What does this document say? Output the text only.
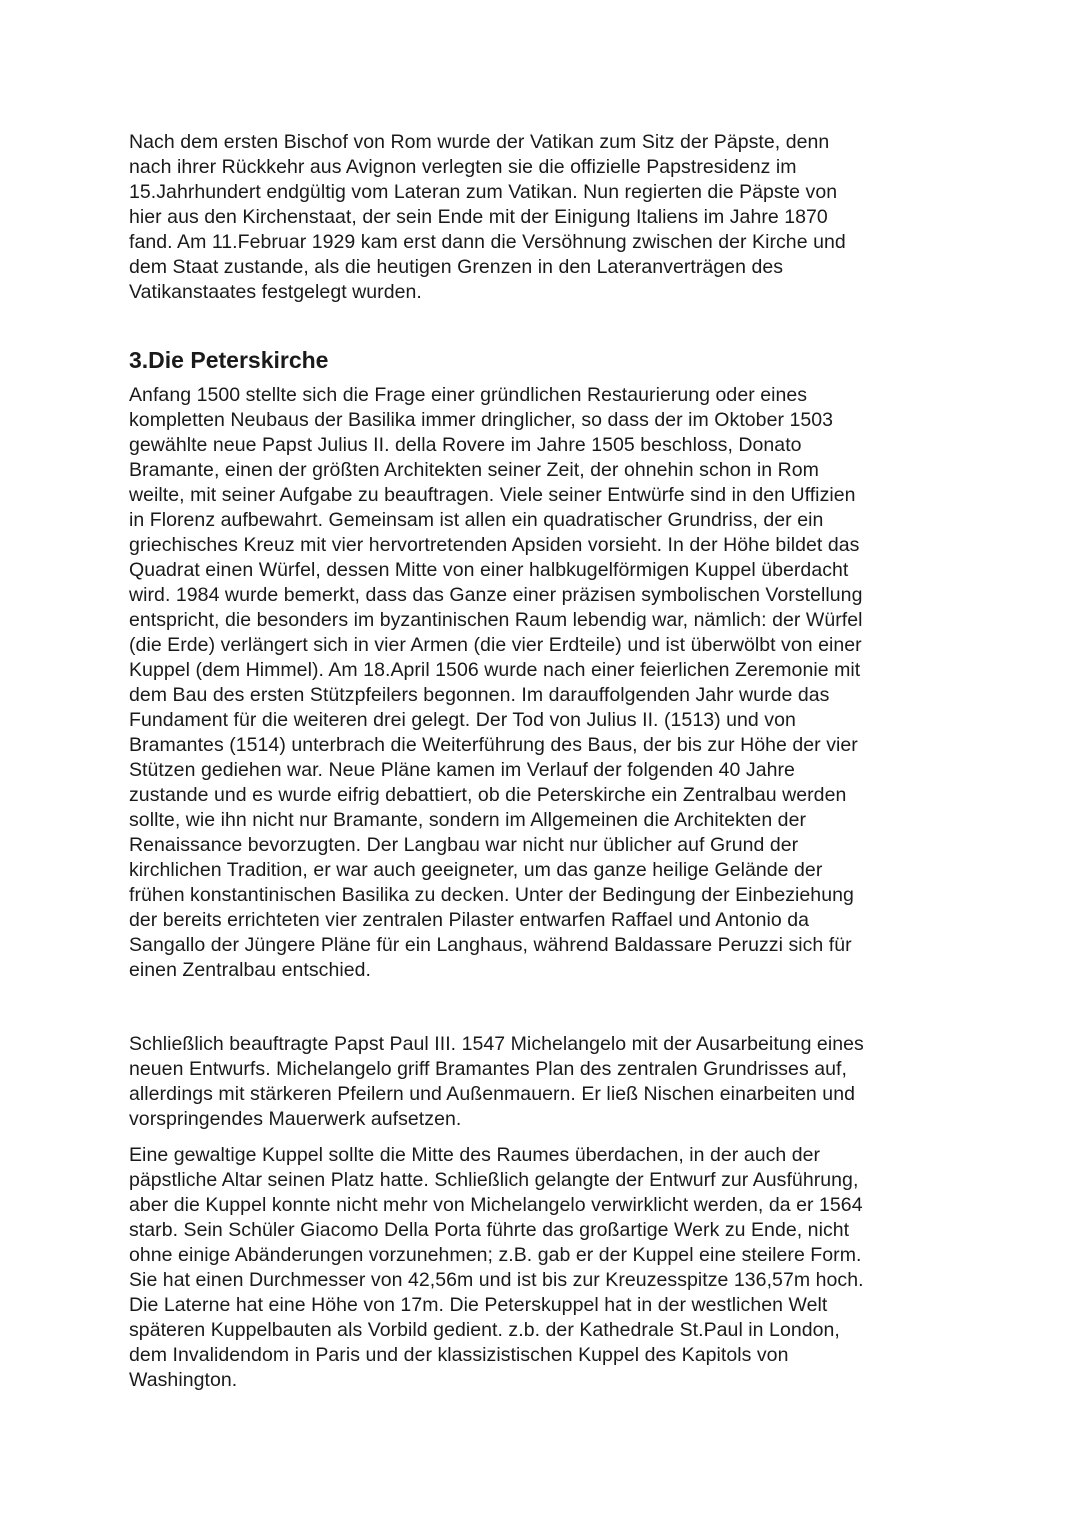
Nach dem ersten Bischof von Rom wurde der Vatikan zum Sitz der Päpste, denn
nach ihrer Rückkehr aus Avignon verlegten sie die offizielle Papstresidenz im
15.Jahrhundert endgültig vom Lateran zum Vatikan. Nun regierten die Päpste von
hier aus den Kirchenstaat, der sein Ende mit der Einigung Italiens im Jahre 1870
fand. Am 11.Februar 1929 kam erst dann die Versöhnung zwischen der Kirche und
dem Staat zustande, als die heutigen Grenzen in den Lateranverträgen des
Vatikanstaates festgelegt wurden.
3.Die Peterskirche
Anfang 1500 stellte sich die Frage einer gründlichen Restaurierung oder eines
kompletten Neubaus der Basilika immer dringlicher, so dass der im Oktober 1503
gewählte neue Papst Julius II. della Rovere im Jahre 1505 beschloss, Donato
Bramante, einen der größten Architekten seiner Zeit, der ohnehin schon in Rom
weilte, mit seiner Aufgabe zu beauftragen. Viele seiner Entwürfe sind in den Uffizien
in Florenz aufbewahrt. Gemeinsam ist allen ein quadratischer Grundriss, der ein
griechisches Kreuz mit vier hervortretenden Apsiden vorsieht. In der Höhe bildet das
Quadrat einen Würfel, dessen Mitte von einer halbkugelförmigen Kuppel überdacht
wird. 1984 wurde bemerkt, dass das Ganze einer präzisen symbolischen Vorstellung
entspricht, die besonders im byzantinischen Raum lebendig war, nämlich: der Würfel
(die Erde) verlängert sich in vier Armen (die vier Erdteile) und ist überwölbt von einer
Kuppel (dem Himmel). Am 18.April 1506 wurde nach einer feierlichen Zeremonie mit
dem Bau des ersten Stützpfeilers begonnen. Im darauffolgenden Jahr wurde das
Fundament für die weiteren drei gelegt. Der Tod von Julius II. (1513) und von
Bramantes (1514) unterbrach die Weiterführung des Baus, der bis zur Höhe der vier
Stützen gediehen war. Neue Pläne kamen im Verlauf der folgenden 40 Jahre
zustande und es wurde eifrig debattiert, ob die Peterskirche ein Zentralbau werden
sollte, wie ihn nicht nur Bramante, sondern im Allgemeinen die Architekten der
Renaissance bevorzugten. Der Langbau war nicht nur üblicher auf Grund der
kirchlichen Tradition, er war auch geeigneter, um das ganze heilige Gelände der
frühen konstantinischen Basilika zu decken. Unter der Bedingung der Einbeziehung
der bereits errichteten vier zentralen Pilaster entwarfen Raffael und Antonio da
Sangallo der Jüngere Pläne für ein Langhaus, während Baldassare Peruzzi sich für
einen Zentralbau entschied.
Schließlich beauftragte Papst Paul III. 1547 Michelangelo mit der Ausarbeitung eines
neuen Entwurfs. Michelangelo griff Bramantes Plan des zentralen Grundrisses auf,
allerdings mit stärkeren Pfeilern und Außenmauern. Er ließ Nischen einarbeiten und
vorspringendes Mauerwerk aufsetzen.
Eine gewaltige Kuppel sollte die Mitte des Raumes überdachen, in der auch der
päpstliche Altar seinen Platz hatte. Schließlich gelangte der Entwurf zur Ausführung,
aber die Kuppel konnte nicht mehr von Michelangelo verwirklicht werden, da er 1564
starb. Sein Schüler Giacomo Della Porta führte das großartige Werk zu Ende, nicht
ohne einige Abänderungen vorzunehmen; z.B. gab er der Kuppel eine steilere Form.
Sie hat einen Durchmesser von 42,56m und ist bis zur Kreuzesspitze 136,57m hoch.
Die Laterne hat eine Höhe von 17m. Die Peterskuppel hat in der westlichen Welt
späteren Kuppelbauten als Vorbild gedient. z.b. der Kathedrale St.Paul in London,
dem Invalidendom in Paris und der klassizistischen Kuppel des Kapitols von
Washington.
